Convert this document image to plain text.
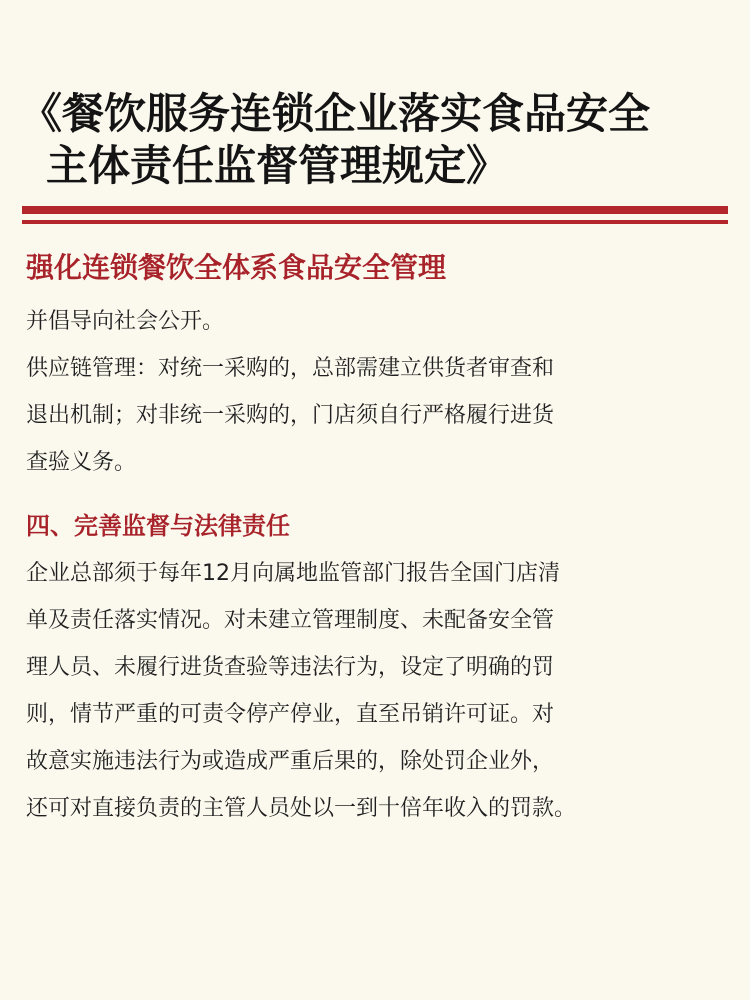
《餐饮服务连锁企业落实食品安全
主体责任监督管理规定》
强化连锁餐饮全体系食品安全管理

并倡导向社会公开。

供应链管理：对统一采购的，总部需建立供货者审查和

退出机制；对非统一采购的，门店须自行严格履行进货

查验义务。

四、完善监督与法律责任

企业总部须于每年12月向属地监管部门报告全国门店清

单及责任落实情况。对未建立管理制度、未配备安全管

理人员、未履行进货查验等违法行为，设定了明确的罚

则，情节严重的可责令停产停业，直至吊销许可证。对

故意实施违法行为或造成严重后果的，除处罚企业外，

还可对直接负责的主管人员处以一到十倍年收入的罚款。
